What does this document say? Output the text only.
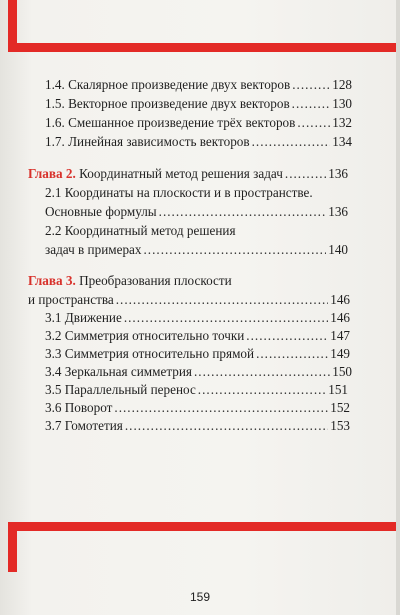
1.4. Скалярное произведение двух векторов .....	128
1.5. Векторное произведение двух векторов .....	130
1.6. Смешанное произведение трёх векторов .....	132
1.7. Линейная зависимость векторов .....	134
Глава 2. Координатный метод решения задач .....	136
2.1 Координаты на плоскости и в пространстве.
Основные формулы .....	136
2.2 Координатный метод решения
задач в примерах .....	140
Глава 3. Преобразования плоскости
и пространства .....	146
3.1 Движение .....	146
3.2 Симметрия относительно точки .....	147
3.3 Симметрия относительно прямой .....	149
3.4 Зеркальная симметрия .....	150
3.5 Параллельный перенос .....	151
3.6 Поворот .....	152
3.7 Гомотетия .....	153
159
